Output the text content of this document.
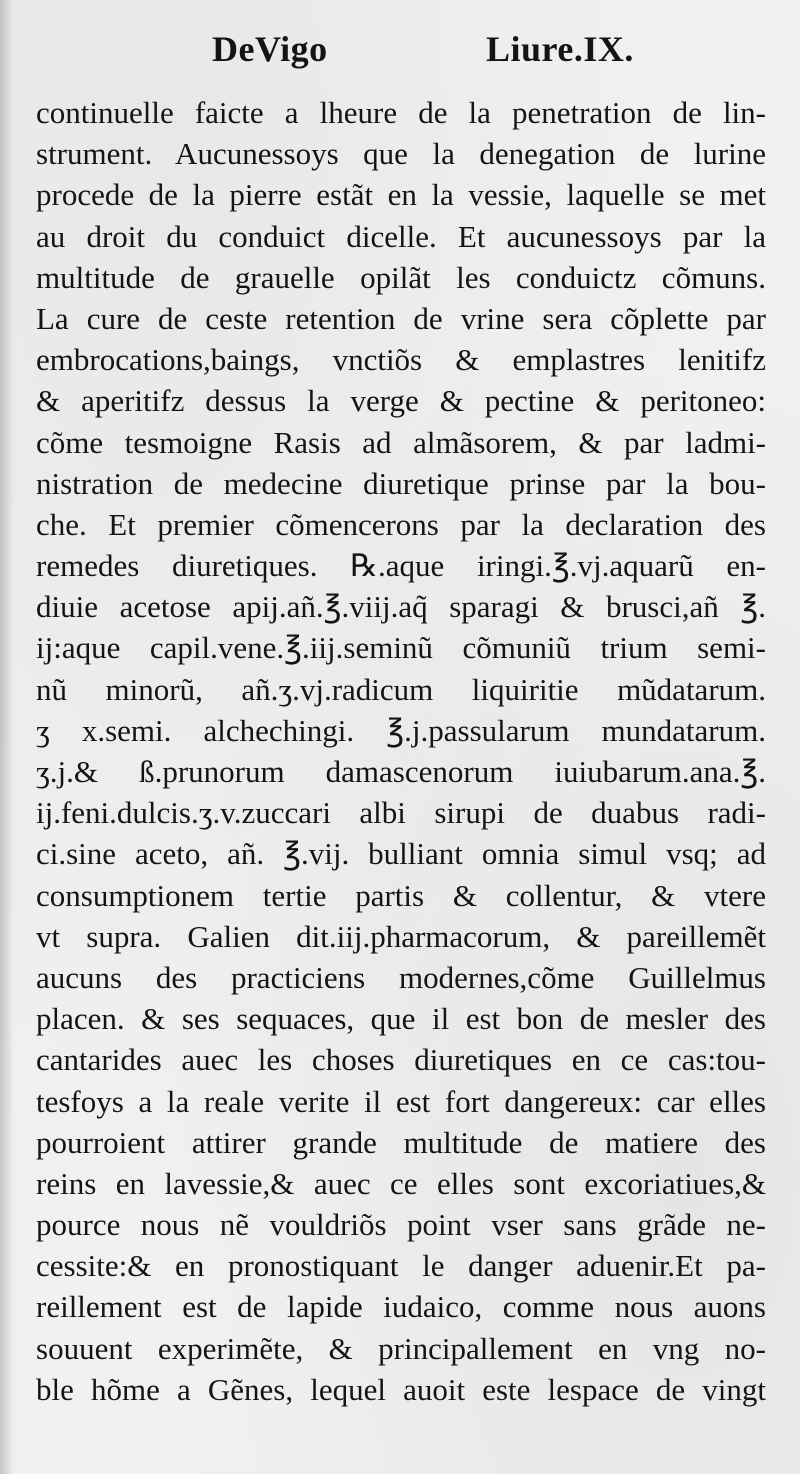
DeVigo	Liure.IX.
continuelle faicte a lheure de la penetration de lin-
strument. Aucunessoys que la denegation de lurine
procede de la pierre estãt en la vessie, laquelle se met
au droit du conduict dicelle. Et aucunessoys par la
multitude de grauelle opilãt les conduictz cõmuns.
La cure de ceste retention de vrine sera cõplette par
embrocations,baings, vnctiõs & emplastres lenitifz
& aperitifz dessus la verge & pectine & peritoneo:
cõme tesmoigne Rasis ad almãsorem, & par ladmi-
nistration de medecine diuretique prinse par la bou-
che. Et premier cõmencerons par la declaration des
remedes diuretiques. ℞.aque iringi.℥.vj.aquarũ en-
diuie acetose apij.añ.℥.viij.aq̃ sparagi & brusci,añ ℥.
ij:aque capil.vene.℥.iij.seminũ cõmuniũ trium semi-
nũ minorũ, añ.ʒ.vj.radicum liquiritie mũdatarum.
ʒ x.semi. alchechingi. ℥.j.passularum mundatarum.
ʒ.j.& ß.prunorum damascenorum iuiubarum.ana.℥.
ij.feni.dulcis.ʒ.v.zuccari albi sirupi de duabus radi-
ci.sine aceto, añ. ℥.vij. bulliant omnia simul vsq; ad
consumptionem tertie partis & collentur, & vtere
vt supra. Galien dit.iij.pharmacorum, & pareillemẽt
aucuns des practiciens modernes,cõme Guillelmus
placen. & ses sequaces, que il est bon de mesler des
cantarides auec les choses diuretiques en ce cas:tou-
tesfoys a la reale verite il est fort dangereux: car elles
pourroient attirer grande multitude de matiere des
reins en lavessie,& auec ce elles sont excoriatiues,&
pource nous nẽ vouldriõs point vser sans grãde ne-
cessite:& en pronostiquant le danger aduenir.Et pa-
reillement est de lapide iudaico, comme nous auons
souuent experimẽte, & principallement en vng no-
ble hõme a Gẽnes, lequel auoit este lespace de vingt
